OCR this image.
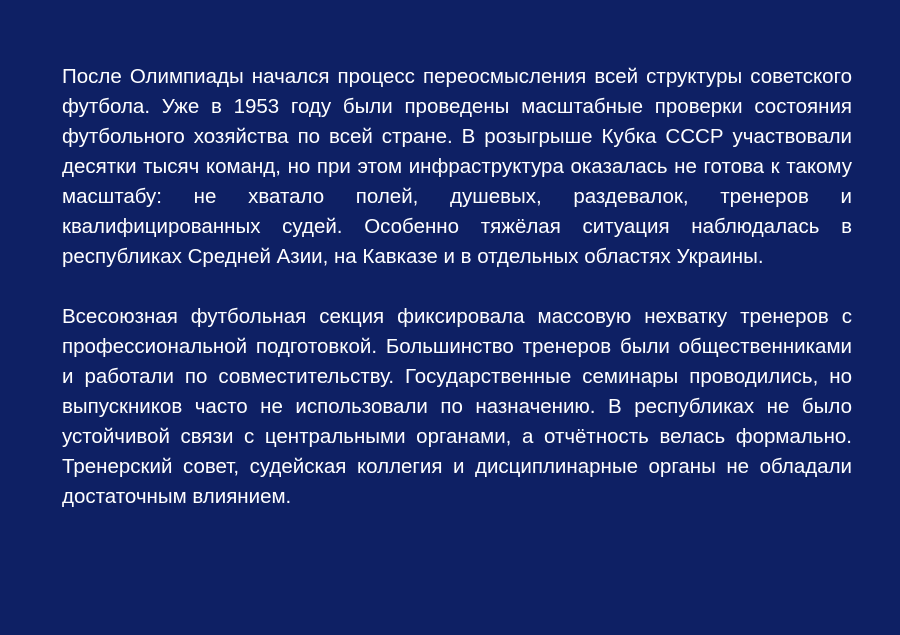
После Олимпиады начался процесс переосмысления всей структуры советского футбола. Уже в 1953 году были проведены масштабные проверки состояния футбольного хозяйства по всей стране. В розыгрыше Кубка СССР участвовали десятки тысяч команд, но при этом инфраструктура оказалась не готова к такому масштабу: не хватало полей, душевых, раздевалок, тренеров и квалифицированных судей. Особенно тяжёлая ситуация наблюдалась в республиках Средней Азии, на Кавказе и в отдельных областях Украины.

Всесоюзная футбольная секция фиксировала массовую нехватку тренеров с профессиональной подготовкой. Большинство тренеров были общественниками и работали по совместительству. Государственные семинары проводились, но выпускников часто не использовали по назначению. В республиках не было устойчивой связи с центральными органами, а отчётность велась формально. Тренерский совет, судейская коллегия и дисциплинарные органы не обладали достаточным влиянием.
